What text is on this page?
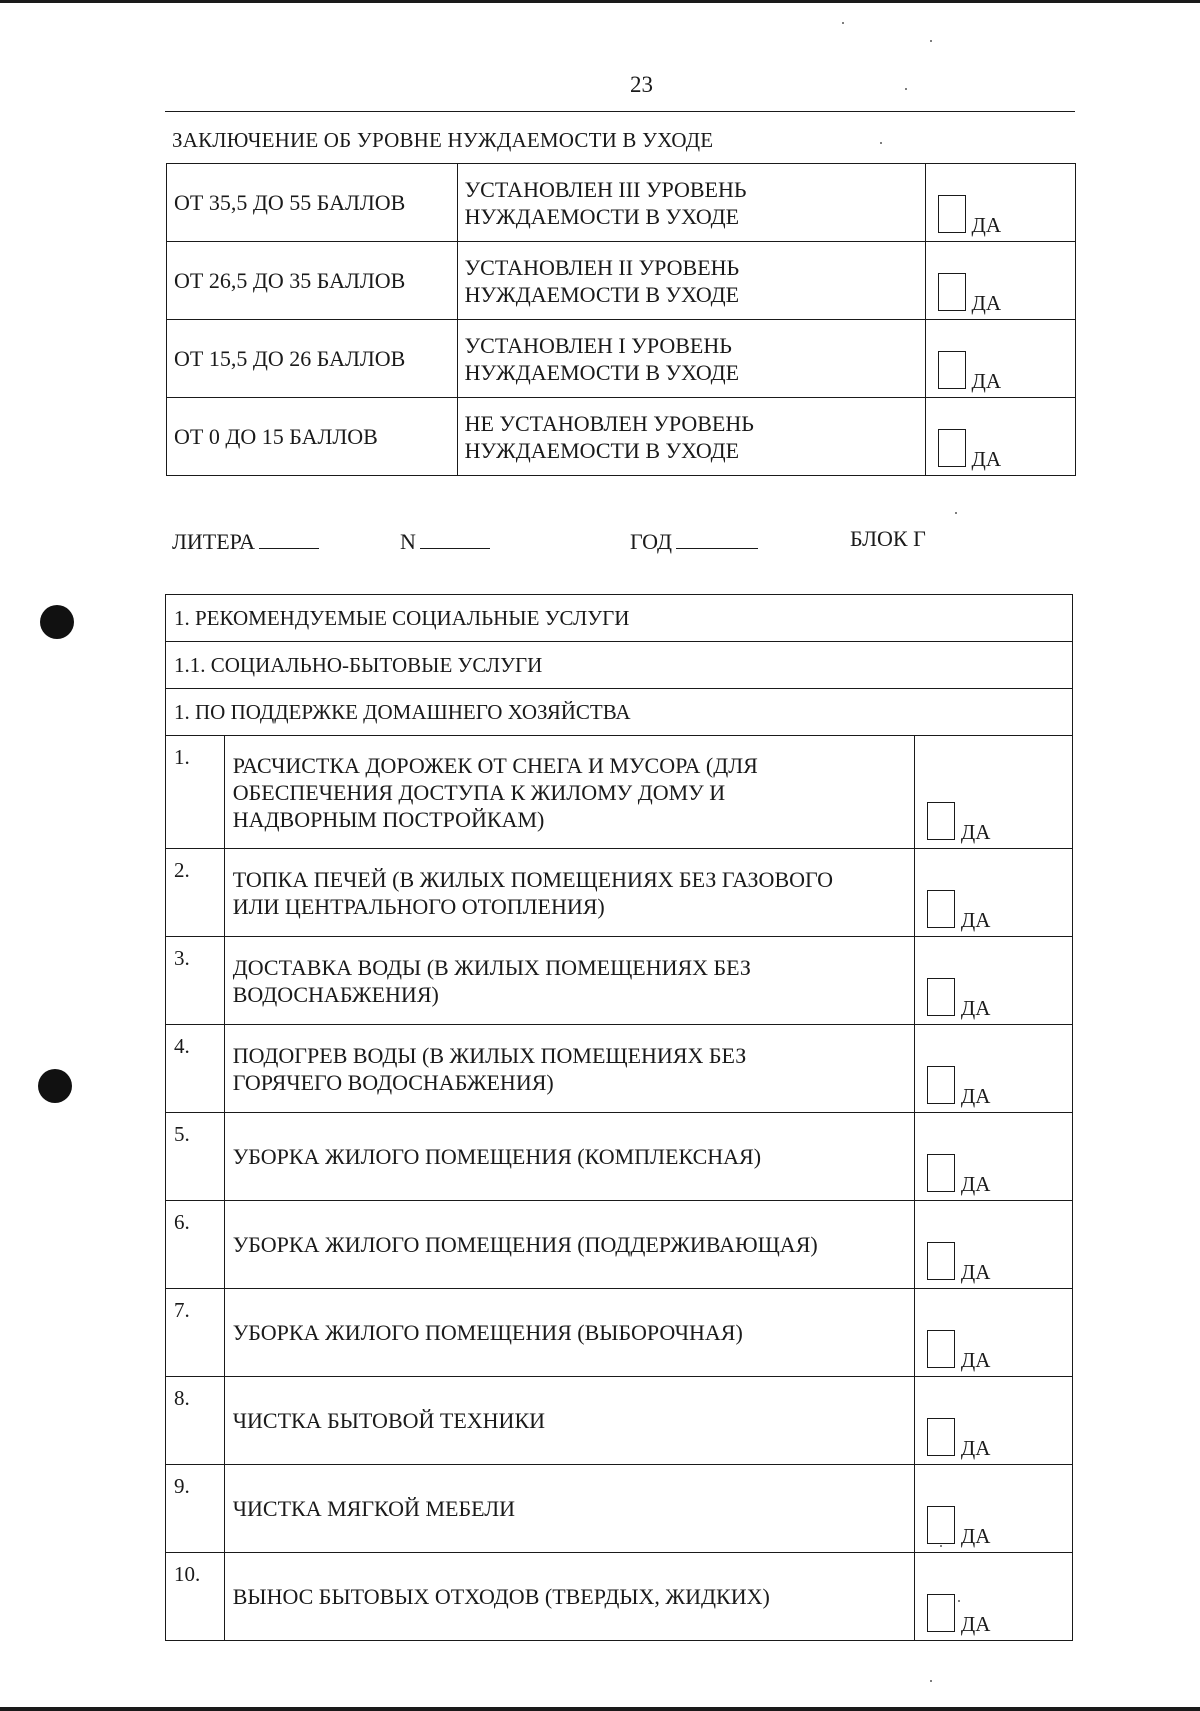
23
ЗАКЛЮЧЕНИЕ ОБ УРОВНЕ НУЖДАЕМОСТИ В УХОДЕ
ОТ 35,5 ДО 55 БАЛЛОВ	УСТАНОВЛЕН III УРОВЕНЬ
НУЖДАЕМОСТИ В УХОДЕ	ДА

ОТ 26,5 ДО 35 БАЛЛОВ	УСТАНОВЛЕН II УРОВЕНЬ
НУЖДАЕМОСТИ В УХОДЕ	ДА

ОТ 15,5 ДО 26 БАЛЛОВ	УСТАНОВЛЕН I УРОВЕНЬ
НУЖДАЕМОСТИ В УХОДЕ	ДА

ОТ 0 ДО 15 БАЛЛОВ	НЕ УСТАНОВЛЕН УРОВЕНЬ
НУЖДАЕМОСТИ В УХОДЕ	ДА
ЛИТЕРА	N	ГОД	БЛОК Г
1. РЕКОМЕНДУЕМЫЕ СОЦИАЛЬНЫЕ УСЛУГИ		
1.1. СОЦИАЛЬНО-БЫТОВЫЕ УСЛУГИ		
1. ПО ПОДДЕРЖКЕ ДОМАШНЕГО ХОЗЯЙСТВА		
1.	РАСЧИСТКА ДОРОЖЕК ОТ СНЕГА И МУСОРА (ДЛЯ
ОБЕСПЕЧЕНИЯ ДОСТУПА К ЖИЛОМУ ДОМУ И
НАДВОРНЫМ ПОСТРОЙКАМ)	ДА

2.	ТОПКА ПЕЧЕЙ (В ЖИЛЫХ ПОМЕЩЕНИЯХ БЕЗ ГАЗОВОГО
ИЛИ ЦЕНТРАЛЬНОГО ОТОПЛЕНИЯ)	ДА

3.	ДОСТАВКА ВОДЫ (В ЖИЛЫХ ПОМЕЩЕНИЯХ БЕЗ
ВОДОСНАБЖЕНИЯ)	ДА

4.	ПОДОГРЕВ ВОДЫ (В ЖИЛЫХ ПОМЕЩЕНИЯХ БЕЗ
ГОРЯЧЕГО ВОДОСНАБЖЕНИЯ)	ДА

5.	УБОРКА ЖИЛОГО ПОМЕЩЕНИЯ (КОМПЛЕКСНАЯ)	ДА

6.	УБОРКА ЖИЛОГО ПОМЕЩЕНИЯ (ПОДДЕРЖИВАЮЩАЯ)	ДА

7.	УБОРКА ЖИЛОГО ПОМЕЩЕНИЯ (ВЫБОРОЧНАЯ)	ДА

8.	ЧИСТКА БЫТОВОЙ ТЕХНИКИ	ДА

9.	ЧИСТКА МЯГКОЙ МЕБЕЛИ	ДА

10.	ВЫНОС БЫТОВЫХ ОТХОДОВ (ТВЕРДЫХ, ЖИДКИХ)	ДА
